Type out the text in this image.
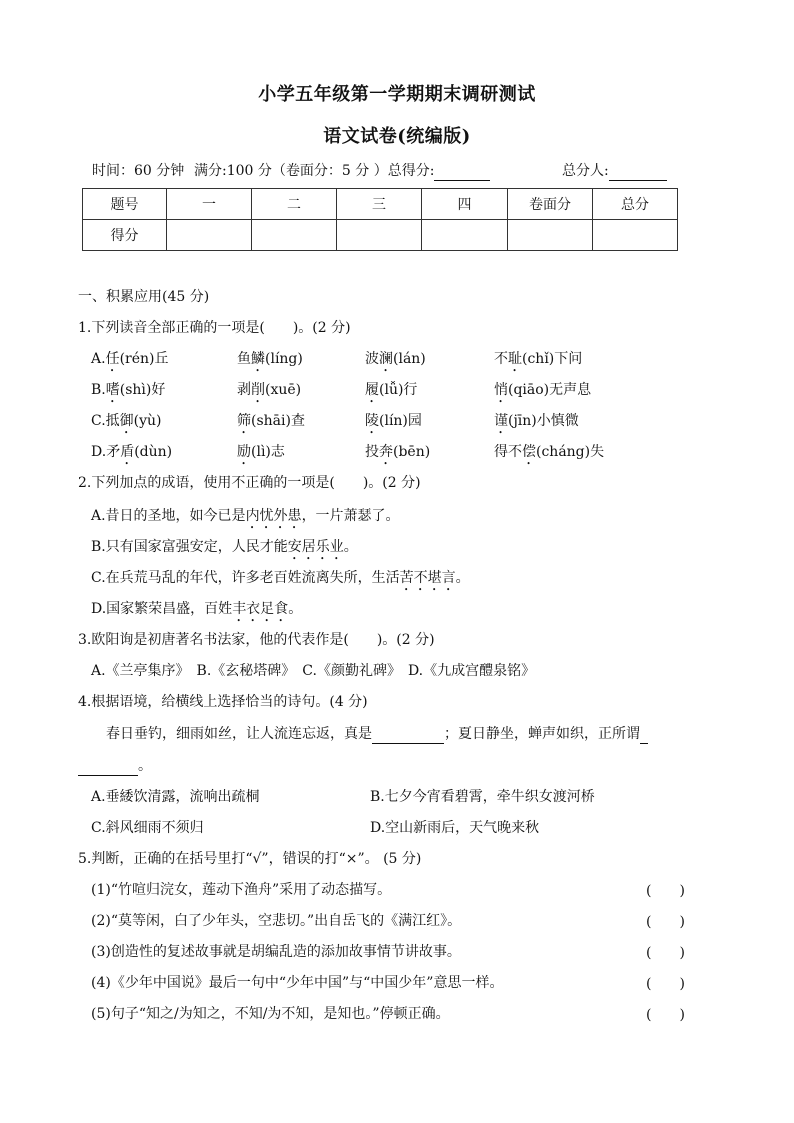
小学五年级第一学期期末调研测试
语文试卷(统编版)
时间：60 分钟 满分:100 分（卷面分：5 分 ）总得分:	总分人:
题号	一	二	三	四	卷面分	总分
得分						
一、积累应用(45 分)
1.下列读音全部正确的一项是(　　)。(2 分)
A.任(rén)丘	鱼鱗(líng)	波澜(lán)	不耻(chǐ)下问
B.嗜(shì)好	剥削(xuē)	履(lǚ)行	悄(qiāo)无声息
C.抵御(yù)	筛(shāi)查	陵(lín)园	谨(jīn)小慎微
D.矛盾(dùn)	励(lì)志	投奔(bēn)	得不偿(cháng)失
2.下列加点的成语，使用不正确的一项是(　　)。(2 分)
A.昔日的圣地，如今已是内忧外患，一片萧瑟了。
B.只有国家富强安定，人民才能安居乐业。
C.在兵荒马乱的年代，许多老百姓流离失所，生活苦不堪言。
D.国家繁荣昌盛，百姓丰衣足食。
3.欧阳询是初唐著名书法家，他的代表作是(　　)。(2 分)
A.《兰亭集序》　B.《玄秘塔碑》　C.《颜勤礼碑》　D.《九成宫醴泉铭》
4.根据语境，给横线上选择恰当的诗句。(4 分)
春日垂钓，细雨如丝，让人流连忘返，真是	；夏日静坐，蝉声如织，正所谓
。
A.垂緌饮清露，流响出疏桐	B.七夕今宵看碧霄，牵牛织女渡河桥
C.斜风细雨不须归	D.空山新雨后，天气晚来秋
5.判断，正确的在括号里打“√”，错误的打“×”。 (5 分)
(1)“竹喧归浣女，莲动下渔舟”采用了动态描写。	(　　)
(2)“莫等闲，白了少年头，空悲切。”出自岳飞的《满江红》。	(　　)
(3)创造性的复述故事就是胡编乱造的添加故事情节讲故事。	(　　)
(4)《少年中国说》最后一句中“少年中国”与“中国少年”意思一样。	(　　)
(5)句子“知之/为知之，不知/为不知，是知也。”停顿正确。	(　　)
